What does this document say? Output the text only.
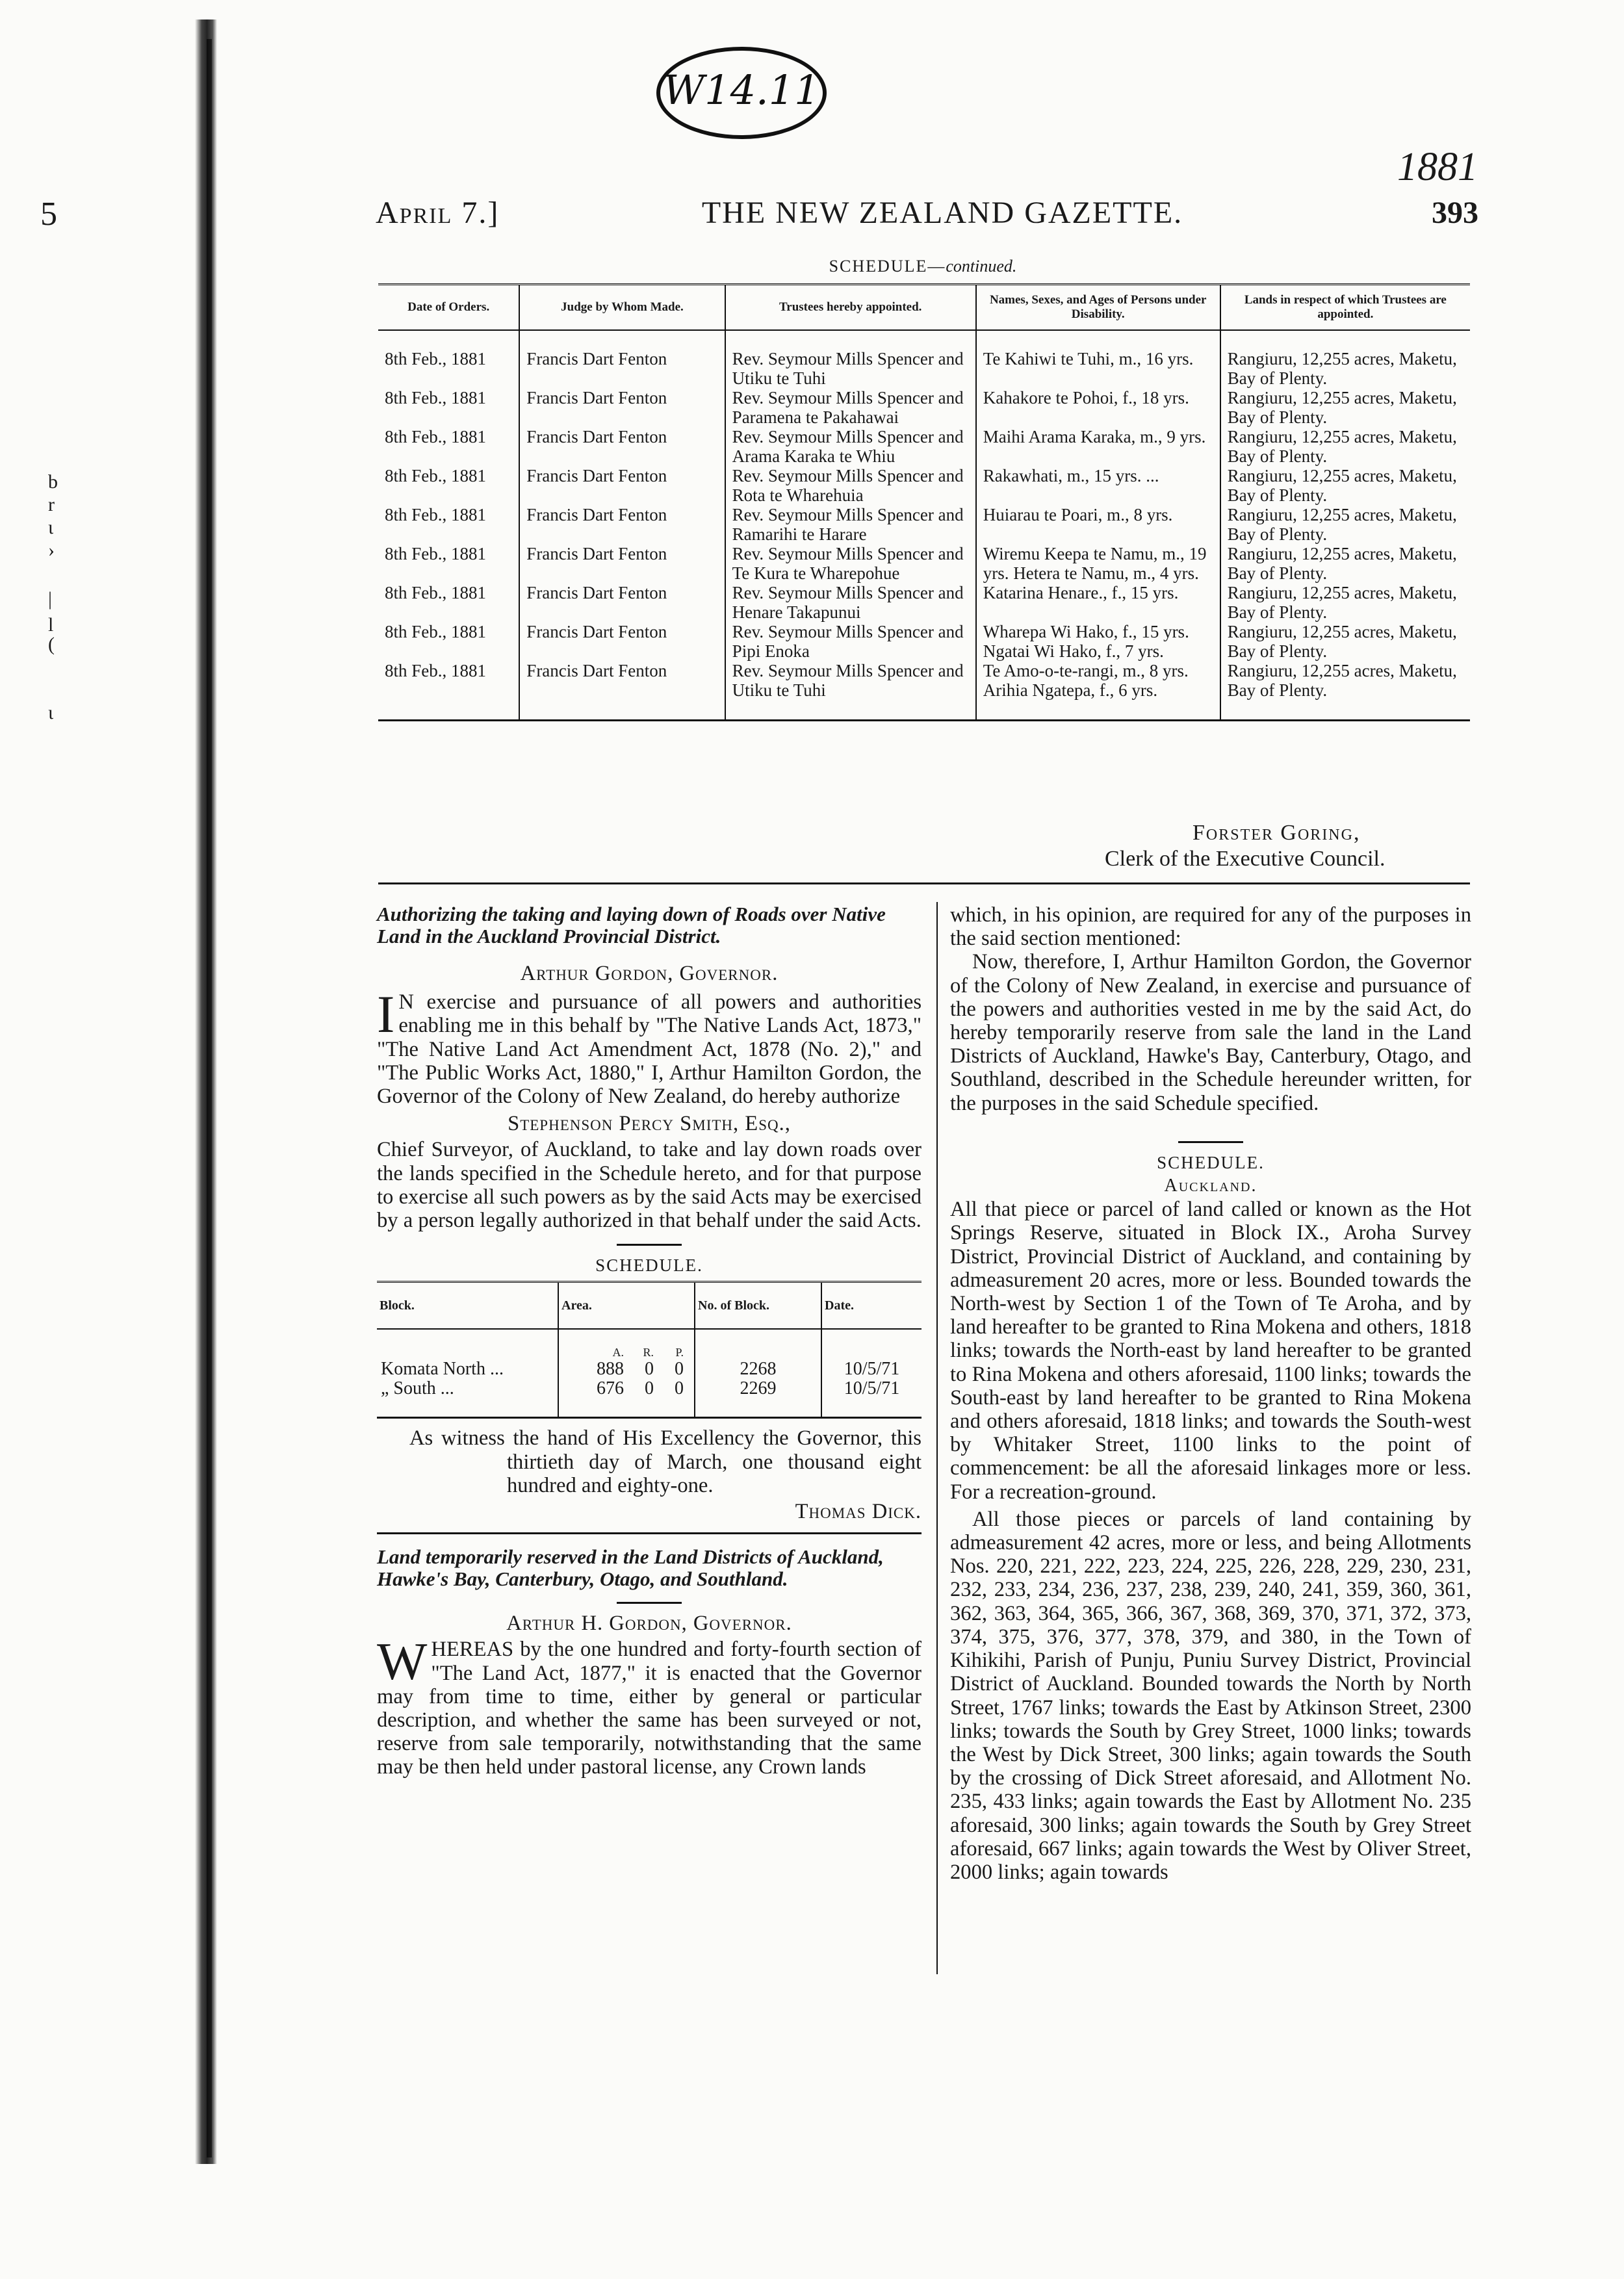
W14.11
1881
5
b
r
ι
›
|
l
(
ι
April 7.]	THE NEW ZEALAND GAZETTE.	393
SCHEDULE—continued.
Date of Orders.	Judge by Whom Made.	Trustees hereby appointed.	Names, Sexes, and Ages of Persons under Disability.	Lands in respect of which Trustees are appointed.
8th Feb., 1881	Francis Dart Fenton	Rev. Seymour Mills Spencer and Utiku te Tuhi	Te Kahiwi te Tuhi, m., 16 yrs.	Rangiuru, 12,255 acres, Maketu, Bay of Plenty.
8th Feb., 1881	Francis Dart Fenton	Rev. Seymour Mills Spencer and Paramena te Pakahawai	Kahakore te Pohoi, f., 18 yrs.	Rangiuru, 12,255 acres, Maketu, Bay of Plenty.
8th Feb., 1881	Francis Dart Fenton	Rev. Seymour Mills Spencer and Arama Karaka te Whiu	Maihi Arama Karaka, m., 9 yrs.	Rangiuru, 12,255 acres, Maketu, Bay of Plenty.
8th Feb., 1881	Francis Dart Fenton	Rev. Seymour Mills Spencer and Rota te Wharehuia	Rakawhati, m., 15 yrs. ...	Rangiuru, 12,255 acres, Maketu, Bay of Plenty.
8th Feb., 1881	Francis Dart Fenton	Rev. Seymour Mills Spencer and Ramarihi te Harare	Huiarau te Poari, m., 8 yrs.	Rangiuru, 12,255 acres, Maketu, Bay of Plenty.
8th Feb., 1881	Francis Dart Fenton	Rev. Seymour Mills Spencer and Te Kura te Wharepohue	Wiremu Keepa te Namu, m., 19 yrs. Hetera te Namu, m., 4 yrs.	Rangiuru, 12,255 acres, Maketu, Bay of Plenty.
8th Feb., 1881	Francis Dart Fenton	Rev. Seymour Mills Spencer and Henare Takapunui	Katarina Henare., f., 15 yrs.	Rangiuru, 12,255 acres, Maketu, Bay of Plenty.
8th Feb., 1881	Francis Dart Fenton	Rev. Seymour Mills Spencer and Pipi Enoka	Wharepa Wi Hako, f., 15 yrs. Ngatai Wi Hako, f., 7 yrs.	Rangiuru, 12,255 acres, Maketu, Bay of Plenty.
8th Feb., 1881	Francis Dart Fenton	Rev. Seymour Mills Spencer and Utiku te Tuhi	Te Amo-o-te-rangi, m., 8 yrs. Arihia Ngatepa, f., 6 yrs.	Rangiuru, 12,255 acres, Maketu, Bay of Plenty.
Forster Goring,
Clerk of the Executive Council.

Authorizing the taking and laying down of Roads over Native Land in the Auckland Provincial District.

Arthur Gordon, Governor.

IN exercise and pursuance of all powers and authorities enabling me in this behalf by "The Native Lands Act, 1873," "The Native Land Act Amendment Act, 1878 (No. 2)," and "The Public Works Act, 1880," I, Arthur Hamilton Gordon, the Governor of the Colony of New Zealand, do hereby authorize

Stephenson Percy Smith, Esq.,

Chief Surveyor, of Auckland, to take and lay down roads over the lands specified in the Schedule hereto, and for that purpose to exercise all such powers as by the said Acts may be exercised by a person legally authorized in that behalf under the said Acts.

SCHEDULE.

Block.	Area.	No. of Block.	Date.
	A. R. P.		
Komata North ...	888 0 0	2268	10/5/71
„ South ...	676 0 0	2269	10/5/71

As witness the hand of His Excellency the Governor, this thirtieth day of March, one thousand eight hundred and eighty-one.

Thomas Dick.

Land temporarily reserved in the Land Districts of Auckland, Hawke's Bay, Canterbury, Otago, and Southland.

Arthur H. Gordon, Governor.

WHEREAS by the one hundred and forty-fourth section of "The Land Act, 1877," it is enacted that the Governor may from time to time, either by general or particular description, and whether the same has been surveyed or not, reserve from sale temporarily, notwithstanding that the same may be then held under pastoral license, any Crown lands

which, in his opinion, are required for any of the purposes in the said section mentioned:

Now, therefore, I, Arthur Hamilton Gordon, the Governor of the Colony of New Zealand, in exercise and pursuance of the powers and authorities vested in me by the said Act, do hereby temporarily reserve from sale the land in the Land Districts of Auckland, Hawke's Bay, Canterbury, Otago, and Southland, described in the Schedule hereunder written, for the purposes in the said Schedule specified.

SCHEDULE.

Auckland.

All that piece or parcel of land called or known as the Hot Springs Reserve, situated in Block IX., Aroha Survey District, Provincial District of Auckland, and containing by admeasurement 20 acres, more or less. Bounded towards the North-west by Section 1 of the Town of Te Aroha, and by land hereafter to be granted to Rina Mokena and others, 1818 links; towards the North-east by land hereafter to be granted to Rina Mokena and others aforesaid, 1100 links; towards the South-east by land hereafter to be granted to Rina Mokena and others aforesaid, 1818 links; and towards the South-west by Whitaker Street, 1100 links to the point of commencement: be all the aforesaid linkages more or less. For a recreation-ground.

All those pieces or parcels of land containing by admeasurement 42 acres, more or less, and being Allotments Nos. 220, 221, 222, 223, 224, 225, 226, 228, 229, 230, 231, 232, 233, 234, 236, 237, 238, 239, 240, 241, 359, 360, 361, 362, 363, 364, 365, 366, 367, 368, 369, 370, 371, 372, 373, 374, 375, 376, 377, 378, 379, and 380, in the Town of Kihikihi, Parish of Punju, Puniu Survey District, Provincial District of Auckland. Bounded towards the North by North Street, 1767 links; towards the East by Atkinson Street, 2300 links; towards the South by Grey Street, 1000 links; towards the West by Dick Street, 300 links; again towards the South by the crossing of Dick Street aforesaid, and Allotment No. 235, 433 links; again towards the East by Allotment No. 235 aforesaid, 300 links; again towards the South by Grey Street aforesaid, 667 links; again towards the West by Oliver Street, 2000 links; again towards
